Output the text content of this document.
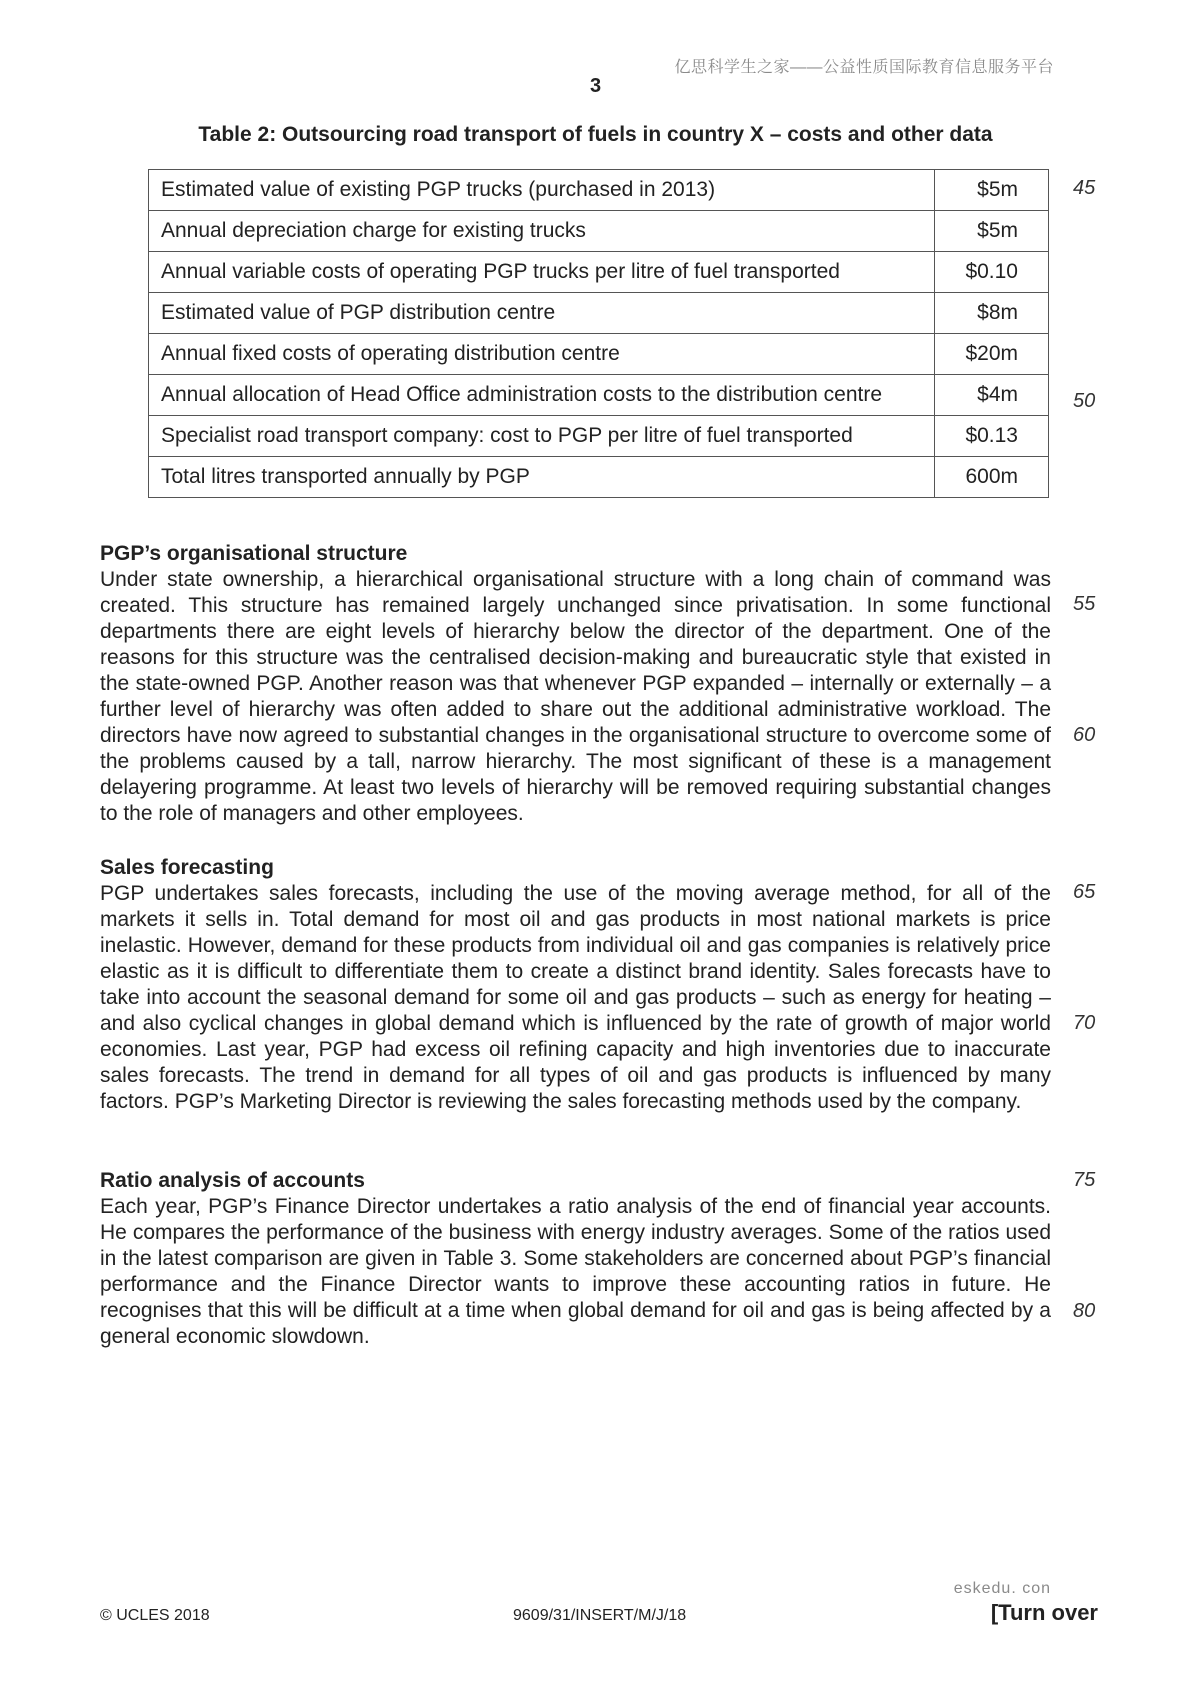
亿思科学生之家——公益性质国际教育信息服务平台
3
Table 2: Outsourcing road transport of fuels in country X – costs and other data
Estimated value of existing PGP trucks (purchased in 2013)	$5m
Annual depreciation charge for existing trucks	$5m
Annual variable costs of operating PGP trucks per litre of fuel transported	$0.10
Estimated value of PGP distribution centre	$8m
Annual fixed costs of operating distribution centre	$20m
Annual allocation of Head Office administration costs to the distribution centre	$4m
Specialist road transport company: cost to PGP per litre of fuel transported	$0.13
Total litres transported annually by PGP	600m
45
50
55
60
65
70
75
80
PGP’s organisational structure

Under state ownership, a hierarchical organisational structure with a long chain of command was created. This structure has remained largely unchanged since privatisation. In some functional departments there are eight levels of hierarchy below the director of the department. One of the reasons for this structure was the centralised decision-making and bureaucratic style that existed in the state-owned PGP. Another reason was that whenever PGP expanded – internally or externally – a further level of hierarchy was often added to share out the additional administrative workload. The directors have now agreed to substantial changes in the organisational structure to overcome some of the problems caused by a tall, narrow hierarchy. The most significant of these is a management delayering programme. At least two levels of hierarchy will be removed requiring substantial changes to the role of managers and other employees.

Sales forecasting

PGP undertakes sales forecasts, including the use of the moving average method, for all of the markets it sells in. Total demand for most oil and gas products in most national markets is price inelastic. However, demand for these products from individual oil and gas companies is relatively price elastic as it is difficult to differentiate them to create a distinct brand identity. Sales forecasts have to take into account the seasonal demand for some oil and gas products – such as energy for heating – and also cyclical changes in global demand which is influenced by the rate of growth of major world economies. Last year, PGP had excess oil refining capacity and high inventories due to inaccurate sales forecasts. The trend in demand for all types of oil and gas products is influenced by many factors. PGP’s Marketing Director is reviewing the sales forecasting methods used by the company.

Ratio analysis of accounts

Each year, PGP’s Finance Director undertakes a ratio analysis of the end of financial year accounts. He compares the performance of the business with energy industry averages. Some of the ratios used in the latest comparison are given in Table 3. Some stakeholders are concerned about PGP’s financial performance and the Finance Director wants to improve these accounting ratios in future. He recognises that this will be difficult at a time when global demand for oil and gas is being affected by a general economic slowdown.

© UCLES 2018	9609/31/INSERT/M/J/18
eskedu. con
[Turn over
